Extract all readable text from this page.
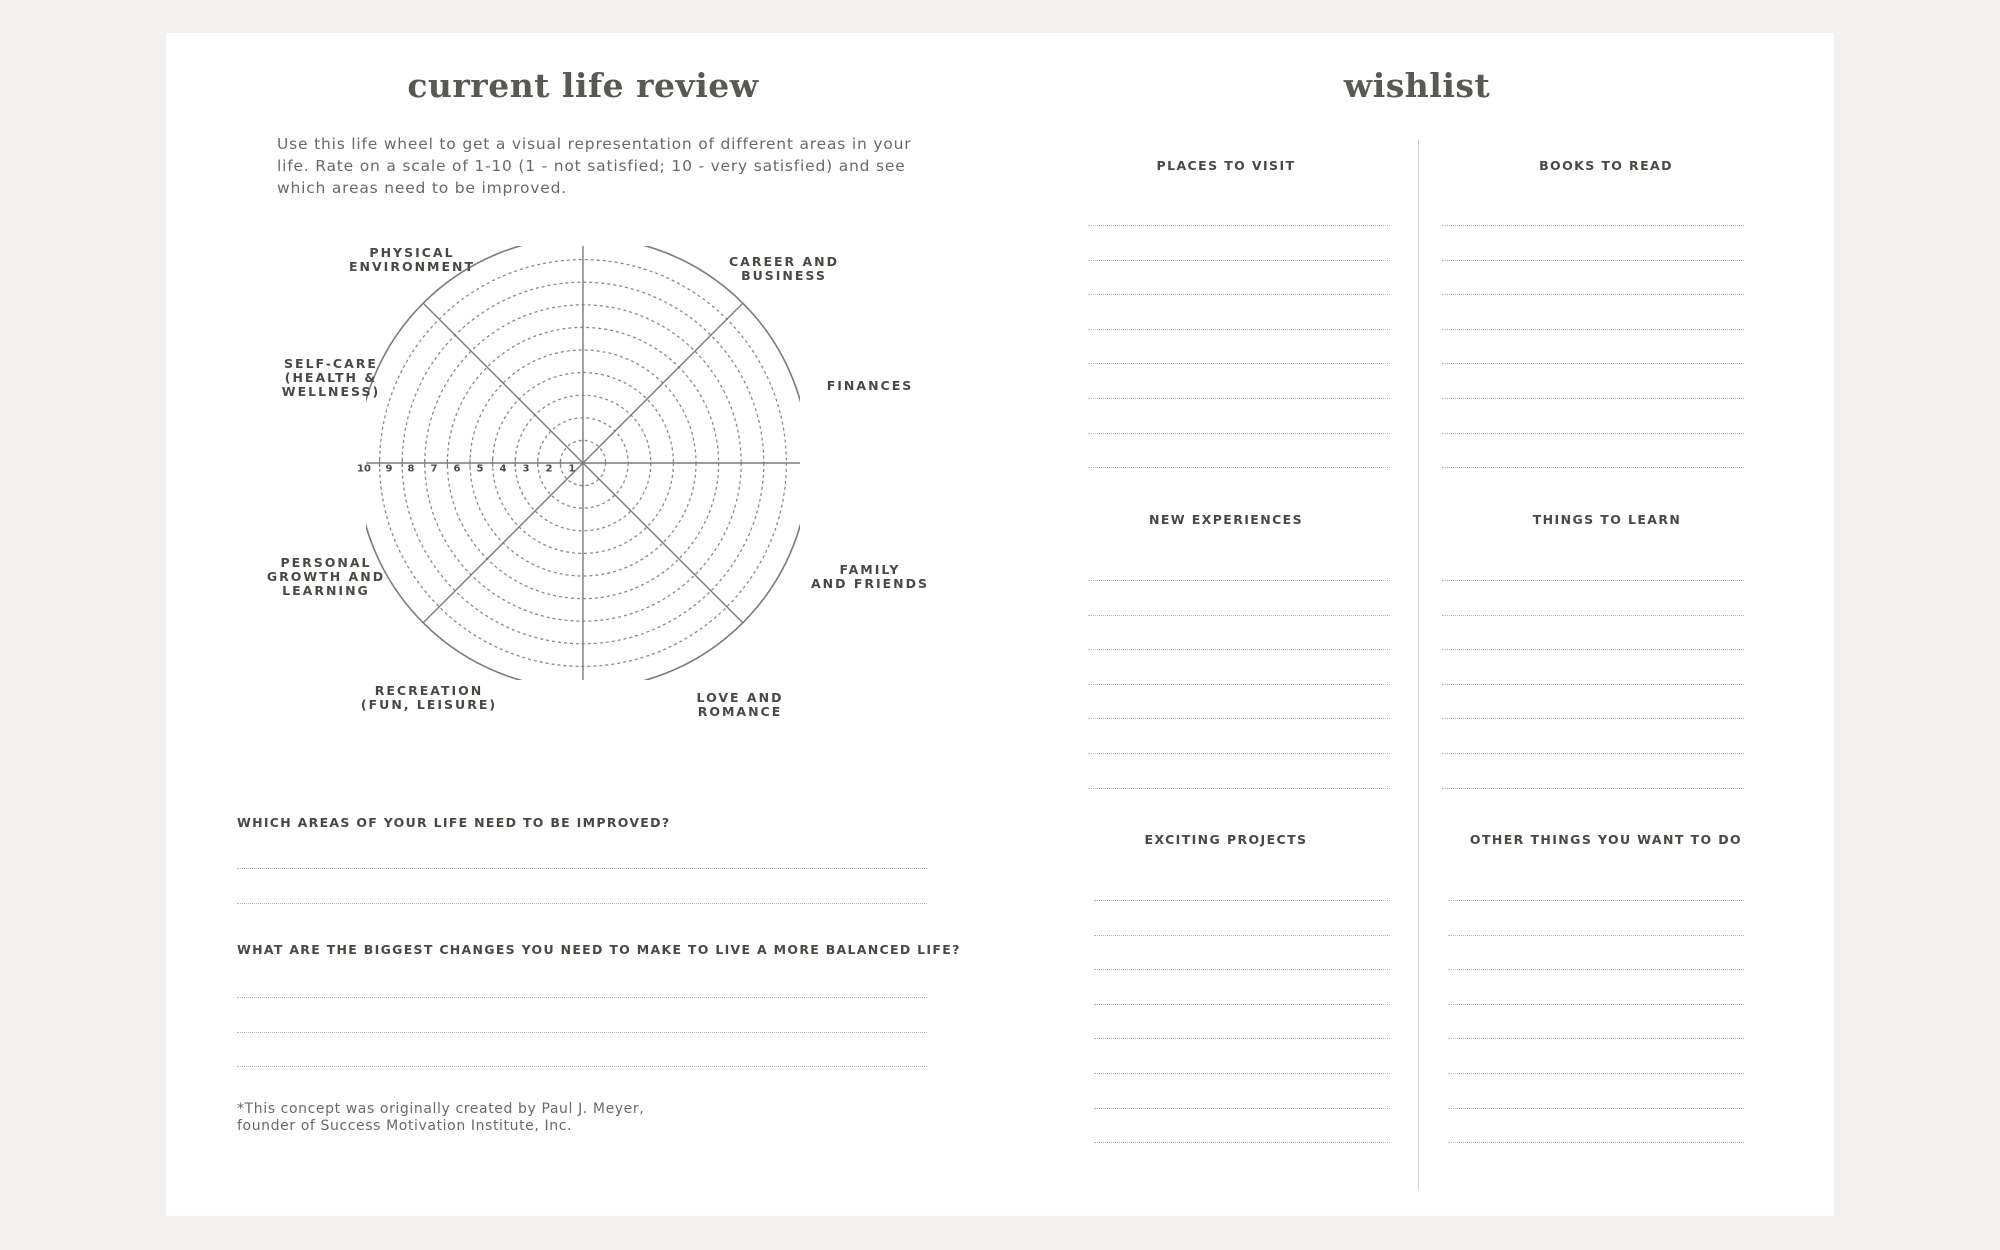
current life review

Use this life wheel to get a visual representation of different areas in your life. Rate on a scale of 1-10 (1 - not satisfied; 10 - very satisfied) and see which areas need to be improved.

PHYSICAL
ENVIRONMENT	CAREER AND
BUSINESS
FINANCES
FAMILY
AND FRIENDS
LOVE AND
ROMANCE
RECREATION
(FUN, LEISURE)
PERSONAL
GROWTH AND
LEARNING
SELF-CARE
(HEALTH &
WELLNESS)
10 9 8 7 6 5 4 3 2 1
WHICH AREAS OF YOUR LIFE NEED TO BE IMPROVED?
WHAT ARE THE BIGGEST CHANGES YOU NEED TO MAKE TO LIVE A MORE BALANCED LIFE?
*This concept was originally created by Paul J. Meyer,
founder of Success Motivation Institute, Inc.
wishlist
PLACES TO VISIT	BOOKS TO READ
NEW EXPERIENCES	THINGS TO LEARN
EXCITING PROJECTS	OTHER THINGS YOU WANT TO DO
